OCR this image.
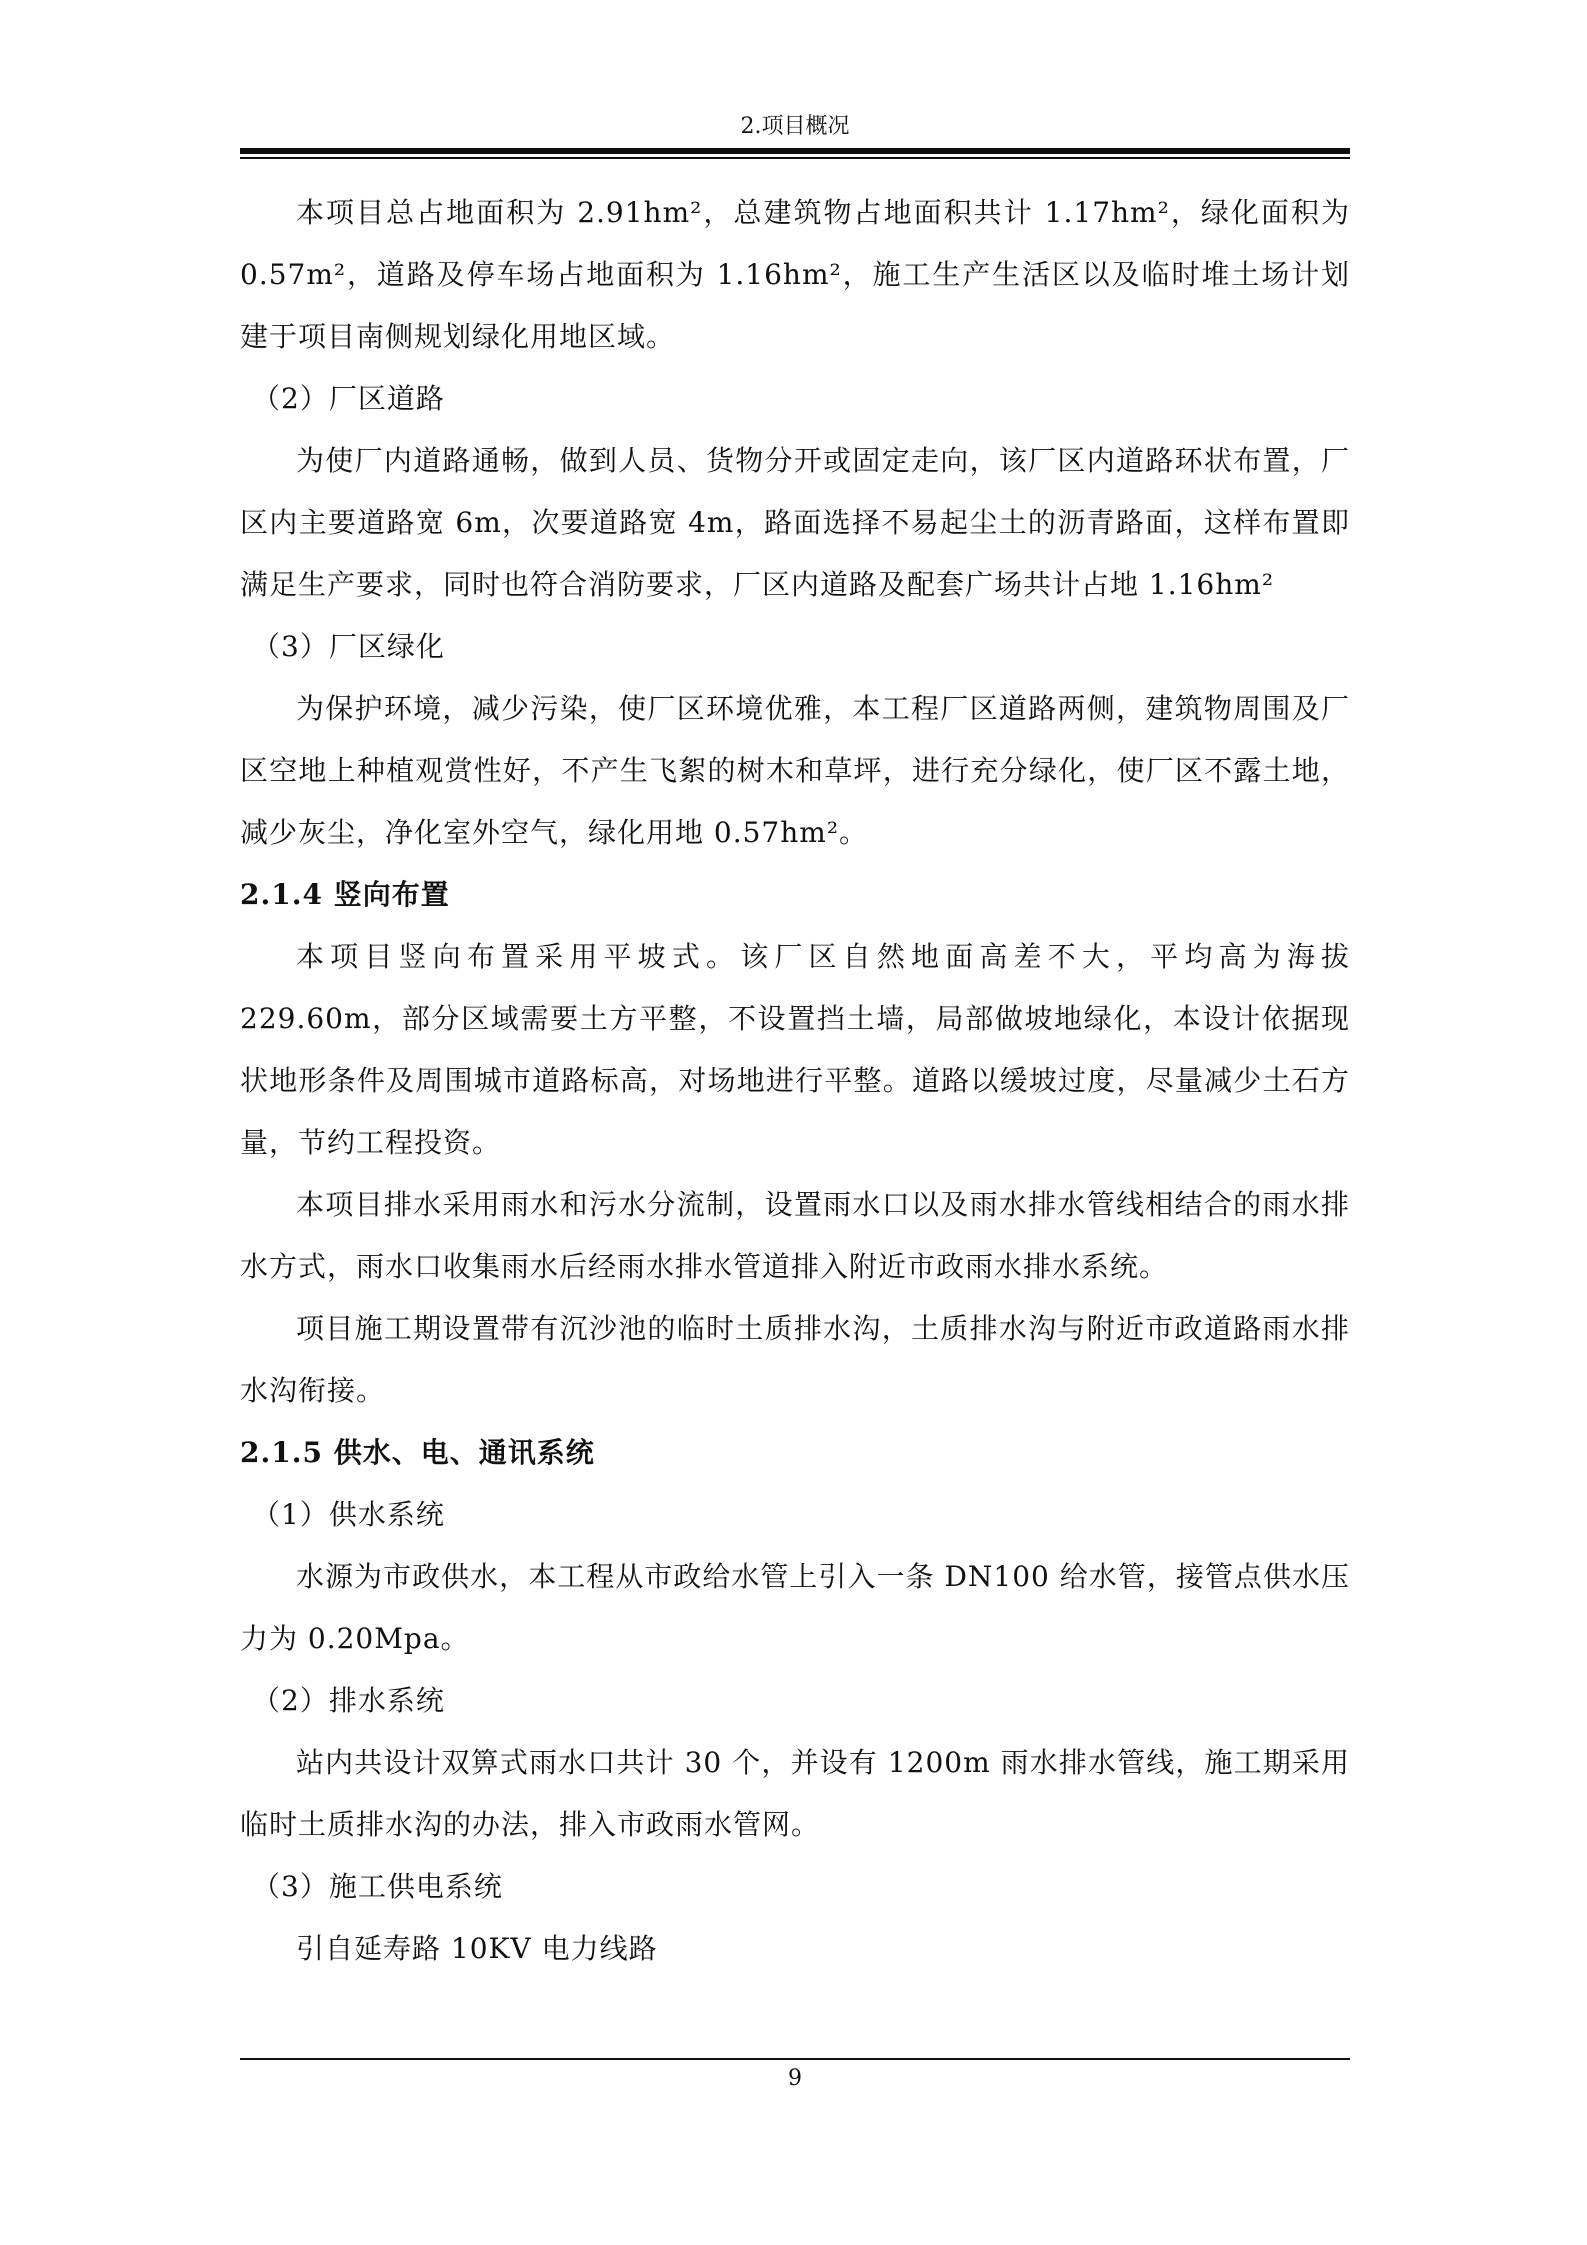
2.项目概况

本项目总占地面积为 2.91hm²，总建筑物占地面积共计 1.17hm²，绿化面积为 0.57m²，道路及停车场占地面积为 1.16hm²，施工生产生活区以及临时堆土场计划建于项目南侧规划绿化用地区域。

（2）厂区道路

为使厂内道路通畅，做到人员、货物分开或固定走向，该厂区内道路环状布置，厂区内主要道路宽 6m，次要道路宽 4m，路面选择不易起尘土的沥青路面，这样布置即满足生产要求，同时也符合消防要求，厂区内道路及配套广场共计占地 1.16hm²

（3）厂区绿化

为保护环境，减少污染，使厂区环境优雅，本工程厂区道路两侧，建筑物周围及厂区空地上种植观赏性好，不产生飞絮的树木和草坪，进行充分绿化，使厂区不露土地，减少灰尘，净化室外空气，绿化用地 0.57hm²。

2.1.4 竖向布置

本项目竖向布置采用平坡式。该厂区自然地面高差不大，平均高为海拔 229.60m，部分区域需要土方平整，不设置挡土墙，局部做坡地绿化，本设计依据现状地形条件及周围城市道路标高，对场地进行平整。道路以缓坡过度，尽量减少土石方量，节约工程投资。

本项目排水采用雨水和污水分流制，设置雨水口以及雨水排水管线相结合的雨水排水方式，雨水口收集雨水后经雨水排水管道排入附近市政雨水排水系统。

项目施工期设置带有沉沙池的临时土质排水沟，土质排水沟与附近市政道路雨水排水沟衔接。

2.1.5 供水、电、通讯系统

（1）供水系统

水源为市政供水，本工程从市政给水管上引入一条 DN100 给水管，接管点供水压力为 0.20Mpa。

（2）排水系统

站内共设计双箅式雨水口共计 30 个，并设有 1200m 雨水排水管线，施工期采用临时土质排水沟的办法，排入市政雨水管网。

（3）施工供电系统

引自延寿路 10KV 电力线路

9
